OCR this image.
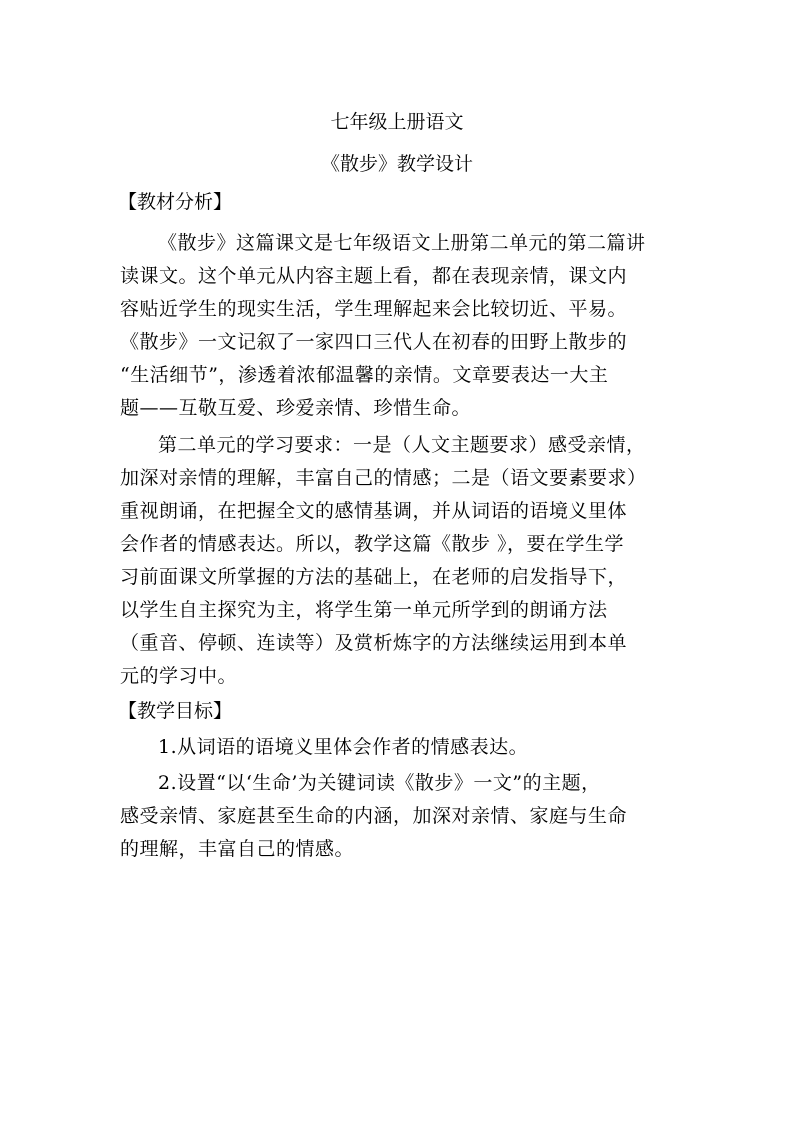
七年级上册语文
《散步》教学设计
【教材分析】

《散步》这篇课文是七年级语文上册第二单元的第二篇讲
读课文。这个单元从内容主题上看，都在表现亲情，课文内
容贴近学生的现实生活，学生理解起来会比较切近、平易。
《散步》一文记叙了一家四口三代人在初春的田野上散步的
“生活细节”，渗透着浓郁温馨的亲情。文章要表达一大主
题——互敬互爱、珍爱亲情、珍惜生命。

第二单元的学习要求：一是（人文主题要求）感受亲情，
加深对亲情的理解，丰富自己的情感；二是（语文要素要求）
重视朗诵，在把握全文的感情基调，并从词语的语境义里体
会作者的情感表达。所以，教学这篇《散步 》，要在学生学
习前面课文所掌握的方法的基础上，在老师的启发指导下，
以学生自主探究为主，将学生第一单元所学到的朗诵方法
（重音、停顿、连读等）及赏析炼字的方法继续运用到本单
元的学习中。

【教学目标】

1.从词语的语境义里体会作者的情感表达。

2.设置“以‘生命’为关键词读《散步》一文”的主题，
感受亲情、家庭甚至生命的内涵，加深对亲情、家庭与生命
的理解，丰富自己的情感。
